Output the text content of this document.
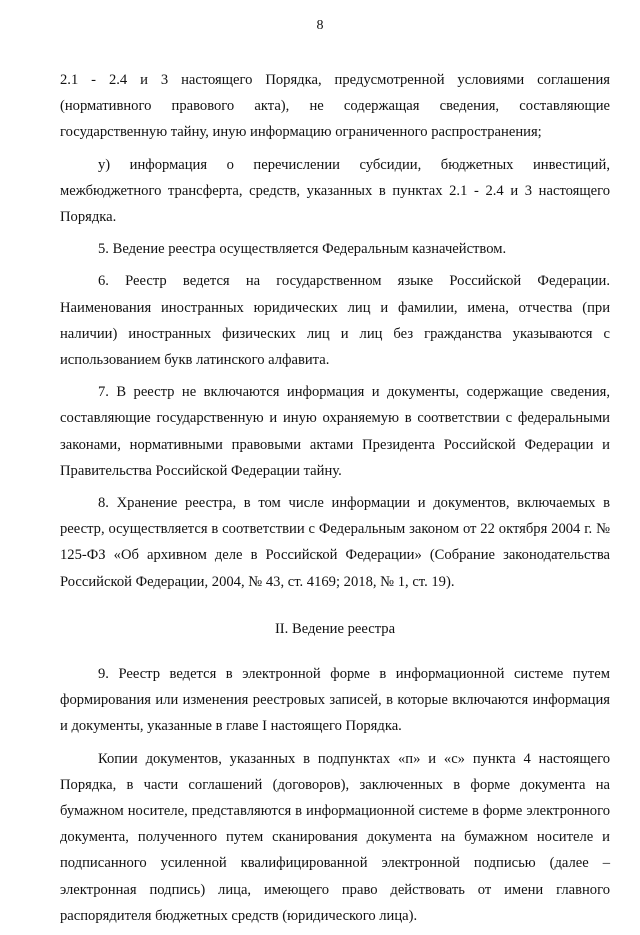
8

2.1 - 2.4 и 3 настоящего Порядка, предусмотренной условиями соглашения (нормативного правового акта), не содержащая сведения, составляющие государственную тайну, иную информацию ограниченного распространения;

у) информация о перечислении субсидии, бюджетных инвестиций, межбюджетного трансферта, средств, указанных в пунктах 2.1 - 2.4 и 3 настоящего Порядка.

5. Ведение реестра осуществляется Федеральным казначейством.

6. Реестр ведется на государственном языке Российской Федерации. Наименования иностранных юридических лиц и фамилии, имена, отчества (при наличии) иностранных физических лиц и лиц без гражданства указываются с использованием букв латинского алфавита.

7. В реестр не включаются информация и документы, содержащие сведения, составляющие государственную и иную охраняемую в соответствии с федеральными законами, нормативными правовыми актами Президента Российской Федерации и Правительства Российской Федерации тайну.

8. Хранение реестра, в том числе информации и документов, включаемых в реестр, осуществляется в соответствии с Федеральным законом от 22 октября 2004 г. № 125-ФЗ «Об архивном деле в Российской Федерации» (Собрание законодательства Российской Федерации, 2004, № 43, ст. 4169; 2018, № 1, ст. 19).

II. Ведение реестра

9. Реестр ведется в электронной форме в информационной системе путем формирования или изменения реестровых записей, в которые включаются информация и документы, указанные в главе I настоящего Порядка.

Копии документов, указанных в подпунктах «п» и «с» пункта 4 настоящего Порядка, в части соглашений (договоров), заключенных в форме документа на бумажном носителе, представляются в информационной системе в форме электронного документа, полученного путем сканирования документа на бумажном носителе и подписанного усиленной квалифицированной электронной подписью (далее – электронная подпись) лица, имеющего право действовать от имени главного распорядителя бюджетных средств (юридического лица).
